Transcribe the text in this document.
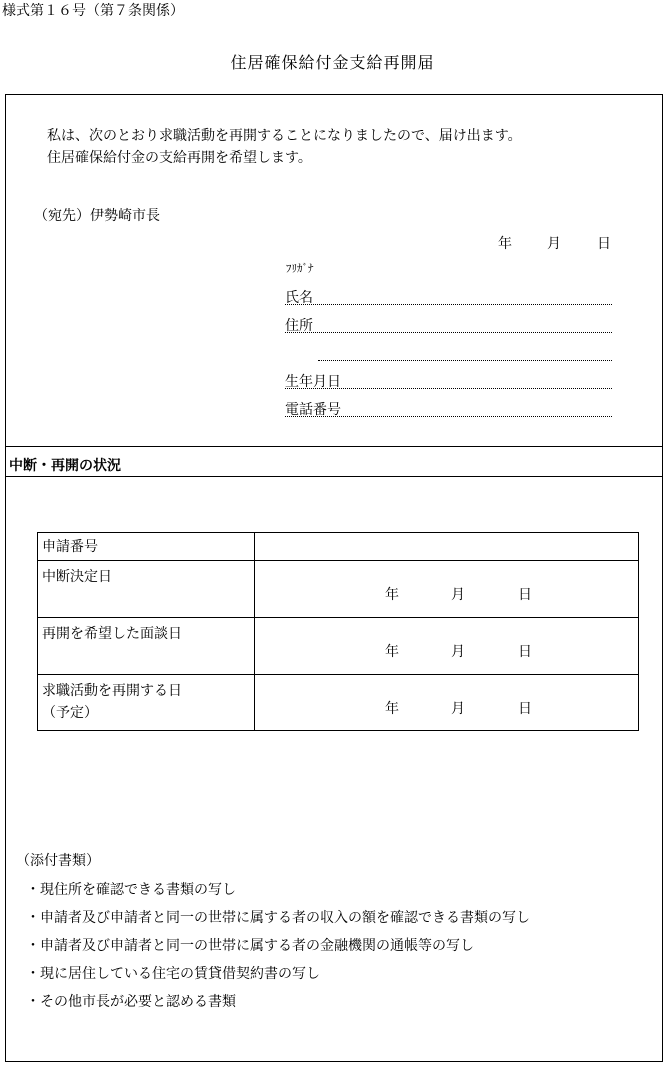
様式第１６号（第７条関係）
住居確保給付金支給再開届
私は、次のとおり求職活動を再開することになりましたので、届け出ます。
住居確保給付金の支給再開を希望します。
（宛先）伊勢崎市長
年	月	日
ﾌﾘｶﾞﾅ
氏名
住所
生年月日
電話番号
中断・再開の状況
申請番号	
中断決定日	年 月 日

再開を希望した面談日	年 月 日

求職活動を再開する日
（予定）	年 月 日
（添付書類）
・現住所を確認できる書類の写し
・申請者及び申請者と同一の世帯に属する者の収入の額を確認できる書類の写し
・申請者及び申請者と同一の世帯に属する者の金融機関の通帳等の写し
・現に居住している住宅の賃貸借契約書の写し
・その他市長が必要と認める書類
